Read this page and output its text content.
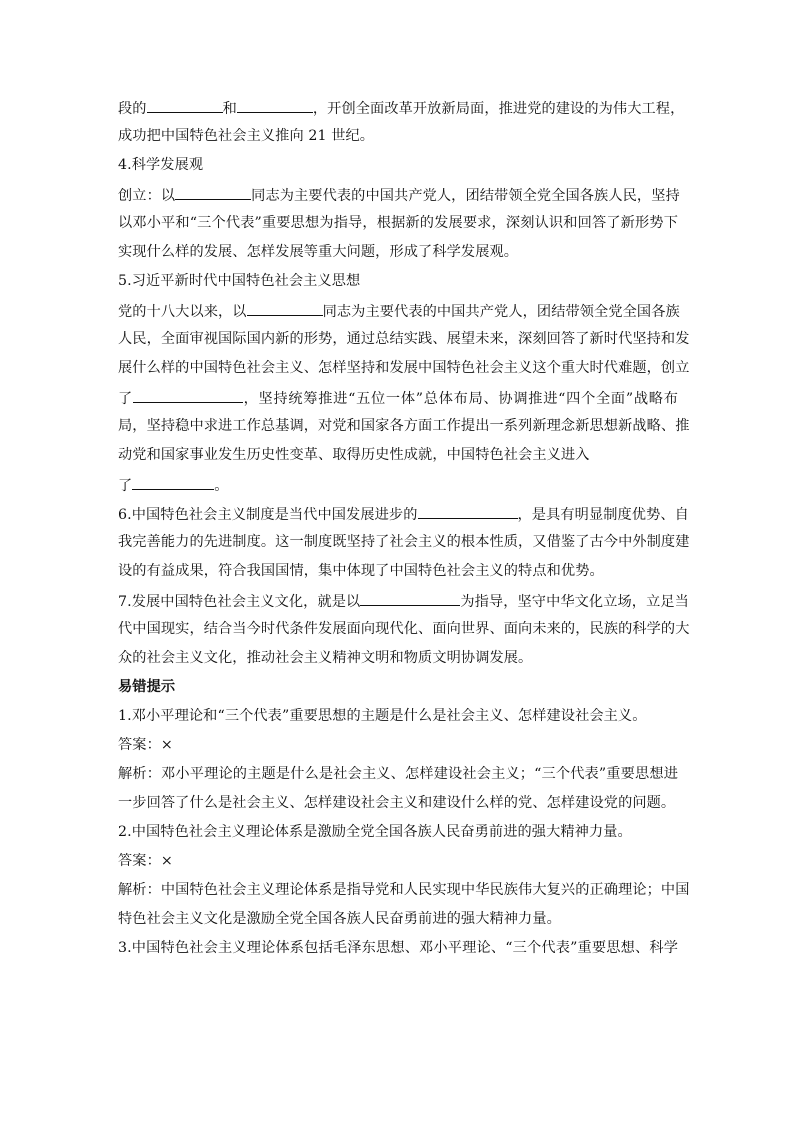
段的	和	，开创全面改革开放新局面，推进党的建设的为伟大工程，
成功把中国特色社会主义推向 21 世纪。
4.科学发展观
创立：以	同志为主要代表的中国共产党人，团结带领全党全国各族人民，坚持
以邓小平和“三个代表”重要思想为指导，根据新的发展要求，深刻认识和回答了新形势下
实现什么样的发展、怎样发展等重大问题，形成了科学发展观。
5.习近平新时代中国特色社会主义思想
党的十八大以来，以	同志为主要代表的中国共产党人，团结带领全党全国各族
人民，全面审视国际国内新的形势，通过总结实践、展望未来，深刻回答了新时代坚持和发
展什么样的中国特色社会主义、怎样坚持和发展中国特色社会主义这个重大时代难题，创立
了	，坚持统筹推进“五位一体”总体布局、协调推进“四个全面”战略布
局，坚持稳中求进工作总基调，对党和国家各方面工作提出一系列新理念新思想新战略、推
动党和国家事业发生历史性变革、取得历史性成就，中国特色社会主义进入
了	。
6.中国特色社会主义制度是当代中国发展进步的	，是具有明显制度优势、自
我完善能力的先进制度。这一制度既坚持了社会主义的根本性质，又借鉴了古今中外制度建
设的有益成果，符合我国国情，集中体现了中国特色社会主义的特点和优势。
7.发展中国特色社会主义文化，就是以	为指导，坚守中华文化立场，立足当
代中国现实，结合当今时代条件发展面向现代化、面向世界、面向未来的，民族的科学的大
众的社会主义文化，推动社会主义精神文明和物质文明协调发展。
易错提示
1.邓小平理论和“三个代表”重要思想的主题是什么是社会主义、怎样建设社会主义。
答案：×
解析：邓小平理论的主题是什么是社会主义、怎样建设社会主义；“三个代表”重要思想进
一步回答了什么是社会主义、怎样建设社会主义和建设什么样的党、怎样建设党的问题。
2.中国特色社会主义理论体系是激励全党全国各族人民奋勇前进的强大精神力量。
答案：×
解析：中国特色社会主义理论体系是指导党和人民实现中华民族伟大复兴的正确理论；中国
特色社会主义文化是激励全党全国各族人民奋勇前进的强大精神力量。
3.中国特色社会主义理论体系包括毛泽东思想、邓小平理论、“三个代表”重要思想、科学
